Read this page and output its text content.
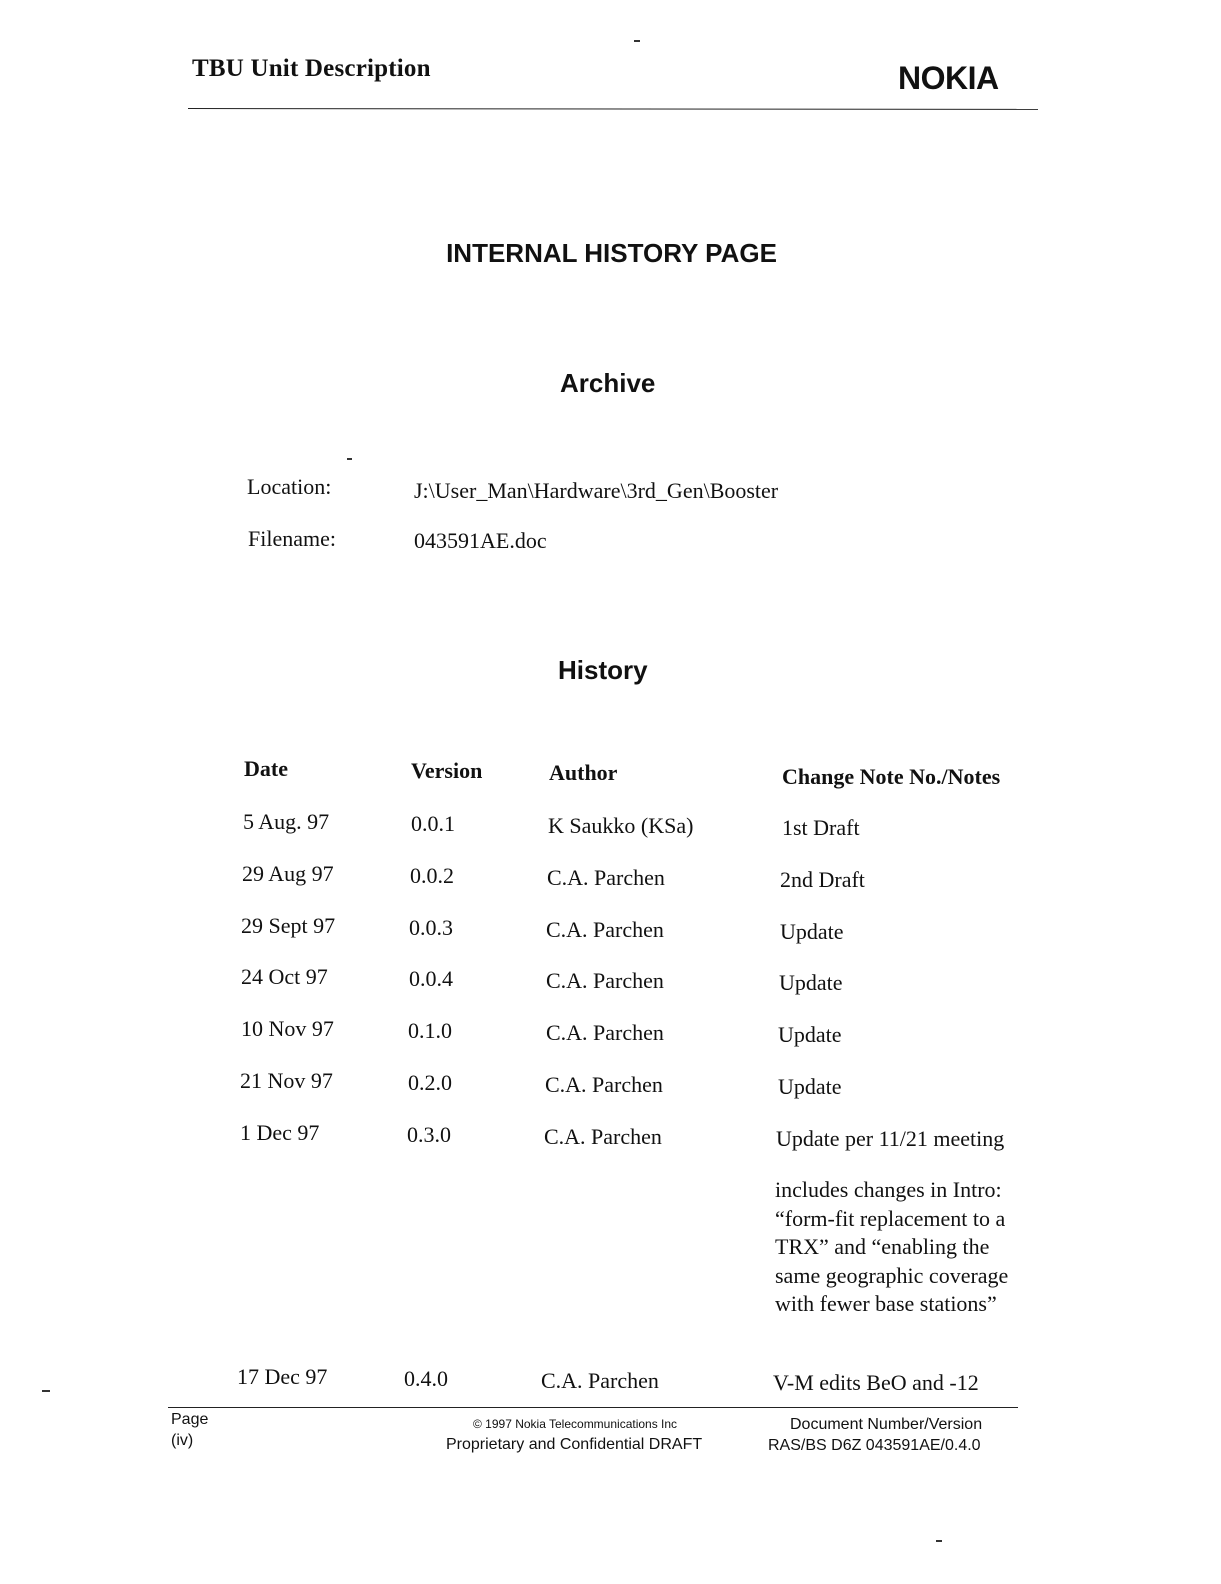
TBU Unit Description	NOKIA
INTERNAL HISTORY PAGE
Archive
Location:	J:\User_Man\Hardware\3rd_Gen\Booster
Filename:	043591AE.doc
History
Date	Version	Author	Change Note No./Notes
5 Aug. 97	0.0.1	K Saukko (KSa)	1st Draft
29 Aug 97	0.0.2	C.A. Parchen	2nd Draft
29 Sept 97	0.0.3	C.A. Parchen	Update
24 Oct 97	0.0.4	C.A. Parchen	Update
10 Nov 97	0.1.0	C.A. Parchen	Update
21 Nov 97	0.2.0	C.A. Parchen	Update
1 Dec 97	0.3.0	C.A. Parchen	Update per 11/21 meeting
includes changes in Intro: “form-fit replacement to a TRX” and “enabling the same geographic coverage with fewer base stations”
17 Dec 97	0.4.0	C.A. Parchen	V-M edits BeO and -12
Page
(iv)
© 1997 Nokia Telecommunications Inc
Proprietary and Confidential DRAFT
Document Number/Version
RAS/BS D6Z 043591AE/0.4.0
